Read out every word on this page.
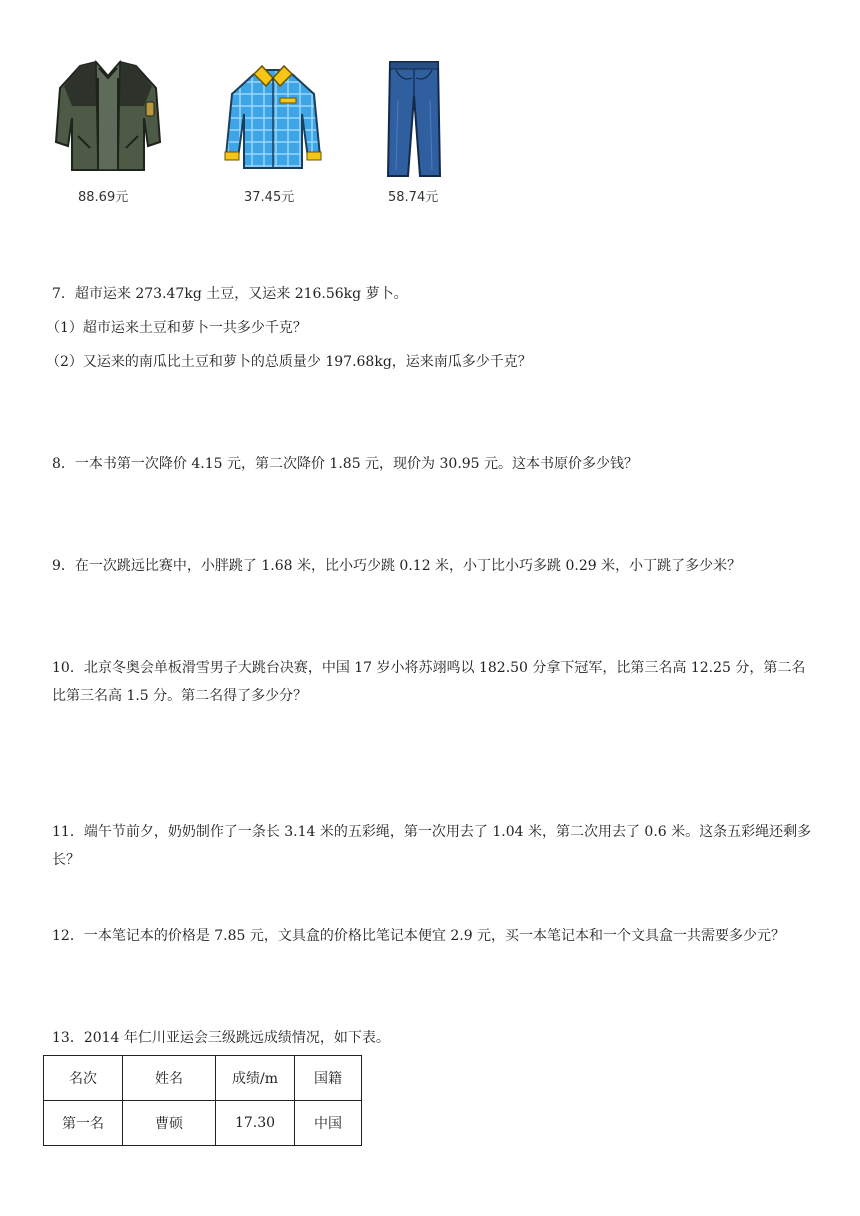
88.69元	37.45元	58.74元
7．超市运来 273.47kg 土豆，又运来 216.56kg 萝卜。
（1）超市运来土豆和萝卜一共多少千克？
（2）又运来的南瓜比土豆和萝卜的总质量少 197.68kg，运来南瓜多少千克？
8．一本书第一次降价 4.15 元，第二次降价 1.85 元，现价为 30.95 元。这本书原价多少钱？
9．在一次跳远比赛中，小胖跳了 1.68 米，比小巧少跳 0.12 米，小丁比小巧多跳 0.29 米，小丁跳了多少米？
10．北京冬奥会单板滑雪男子大跳台决赛，中国 17 岁小将苏翊鸣以 182.50 分拿下冠军，比第三名高 12.25 分，第二名比第三名高 1.5 分。第二名得了多少分？
11．端午节前夕，奶奶制作了一条长 3.14 米的五彩绳，第一次用去了 1.04 米，第二次用去了 0.6 米。这条五彩绳还剩多长？
12．一本笔记本的价格是 7.85 元，文具盒的价格比笔记本便宜 2.9 元，买一本笔记本和一个文具盒一共需要多少元？
13．2014 年仁川亚运会三级跳远成绩情况，如下表。
名次	姓名	成绩/m	国籍
第一名	曹硕	17.30	中国
